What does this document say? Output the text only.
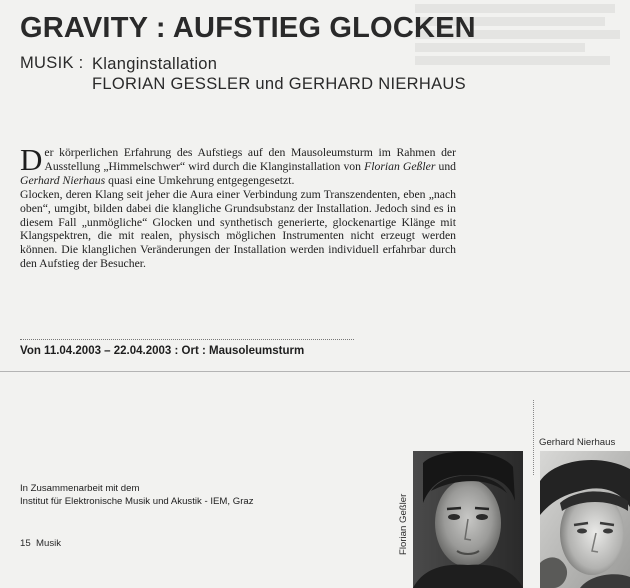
GRAVITY : AUFSTIEG GLOCKEN
MUSIK : Klanginstallation
FLORIAN GESSLER und GERHARD NIERHAUS
Der körperlichen Erfahrung des Aufstiegs auf den Mausoleumsturm im Rahmen der Ausstellung „Himmelschwer“ wird durch die Klanginstallation von Florian Geßler und Gerhard Nierhaus quasi eine Umkehrung entgegengesetzt.
Glocken, deren Klang seit jeher die Aura einer Verbindung zum Transzendenten, eben „nach oben“, umgibt, bilden dabei die klangliche Grundsubstanz der Installation. Jedoch sind es in diesem Fall „unmögliche“ Glocken und synthetisch generierte, glockenartige Klänge mit Klangspektren, die mit realen, physisch möglichen Instrumenten nicht erzeugt werden können. Die klanglichen Veränderungen der Installation werden individuell erfahrbar durch den Aufstieg der Besucher.
Von 11.04.2003 – 22.04.2003 : Ort : Mausoleumsturm
In Zusammenarbeit mit dem
Institut für Elektronische Musik und Akustik - IEM, Graz
15 Musik	Florian Geßler
Gerhard Nierhaus
